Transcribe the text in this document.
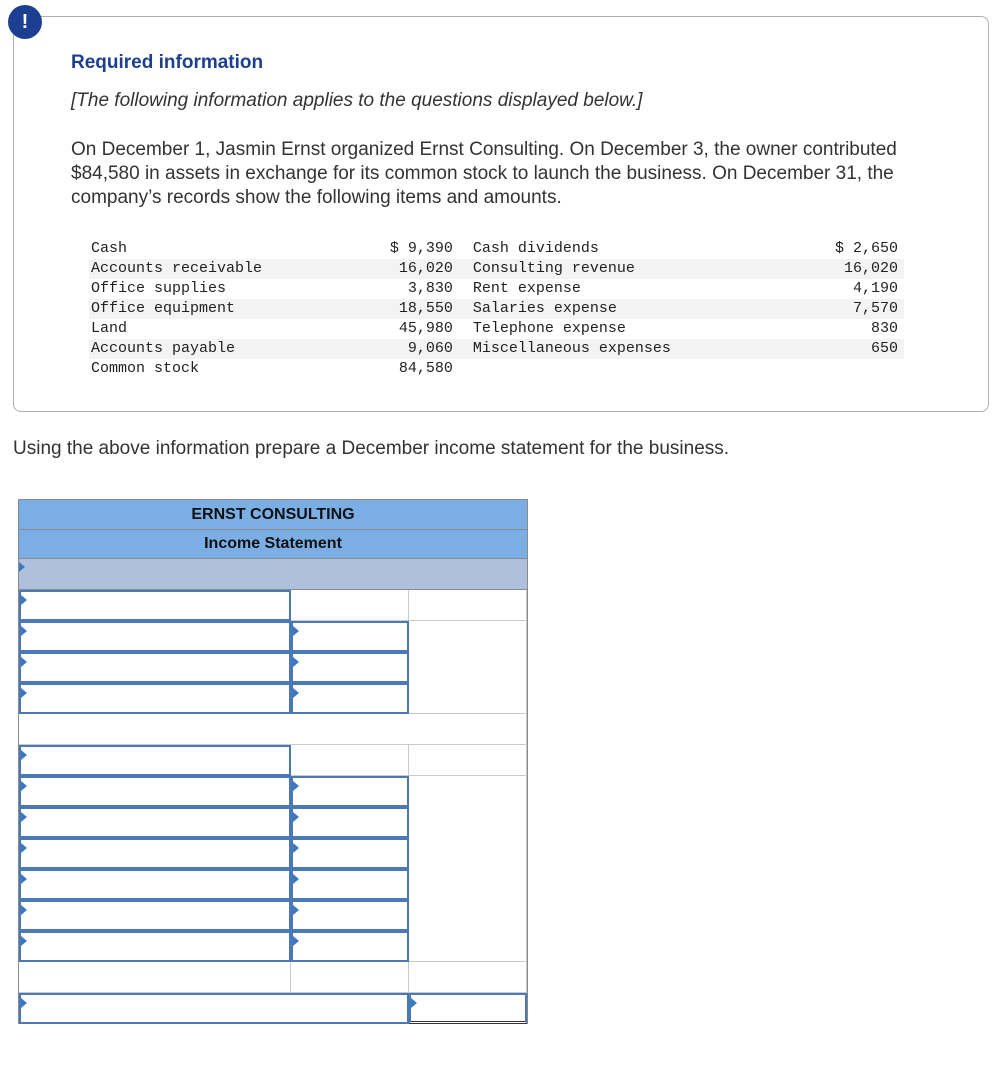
!
Required information
[The following information applies to the questions displayed below.]
On December 1, Jasmin Ernst organized Ernst Consulting. On December 3, the owner contributed $84,580 in assets in exchange for its common stock to launch the business. On December 31, the company’s records show the following items and amounts.
Cash	$ 9,390	Cash dividends	$ 2,650
Accounts receivable	16,020	Consulting revenue	16,020
Office supplies	3,830	Rent expense	4,190
Office equipment	18,550	Salaries expense	7,570
Land	45,980	Telephone expense	830
Accounts payable	9,060	Miscellaneous expenses	650
Common stock	84,580		
Using the above information prepare a December income statement for the business.
ERNST CONSULTING
Income Statement
